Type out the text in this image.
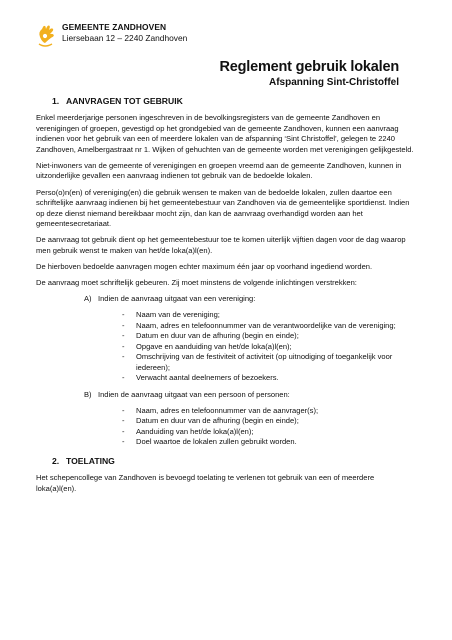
GEMEENTE ZANDHOVEN
Liersebaan 12 – 2240 Zandhoven
Reglement gebruik lokalen
Afspanning Sint-Christoffel
1. AANVRAGEN TOT GEBRUIK

Enkel meerderjarige personen ingeschreven in de bevolkingsregisters van de gemeente Zandhoven en verenigingen of groepen, gevestigd op het grondgebied van de gemeente Zandhoven, kunnen een aanvraag indienen voor het gebruik van een of meerdere lokalen van de afspanning ‘Sint Christoffel’, gelegen te 2240 Zandhoven, Amelbergastraat nr 1. Wijken of gehuchten van de gemeente worden met verenigingen gelijkgesteld.

Niet-inwoners van de gemeente of verenigingen en groepen vreemd aan de gemeente Zandhoven, kunnen in uitzonderlijke gevallen een aanvraag indienen tot gebruik van de bedoelde lokalen.

Perso(o)n(en) of vereniging(en) die gebruik wensen te maken van de bedoelde lokalen, zullen daartoe een schriftelijke aanvraag indienen bij het gemeentebestuur van Zandhoven via de gemeentelijke sportdienst. Indien op deze dienst niemand bereikbaar mocht zijn, dan kan de aanvraag overhandigd worden aan het gemeentesecretariaat.

De aanvraag tot gebruik dient op het gemeentebestuur toe te komen uiterlijk vijftien dagen voor de dag waarop men gebruik wenst te maken van het/de loka(a)l(en).

De hierboven bedoelde aanvragen mogen echter maximum één jaar op voorhand ingediend worden.

De aanvraag moet schriftelijk gebeuren. Zij moet minstens de volgende inlichtingen verstrekken:

A) Indien de aanvraag uitgaat van een vereniging:
-	Naam van de vereniging;
-	Naam, adres en telefoonnummer van de verantwoordelijke van de vereniging;
-	Datum en duur van de afhuring (begin en einde);
-	Opgave en aanduiding van het/de loka(a)l(en);
-	Omschrijving van de festiviteit of activiteit (op uitnodiging of toegankelijk voor iedereen);
-	Verwacht aantal deelnemers of bezoekers.
B) Indien de aanvraag uitgaat van een persoon of personen:
-	Naam, adres en telefoonnummer van de aanvrager(s);
-	Datum en duur van de afhuring (begin en einde);
-	Aanduiding van het/de loka(a)l(en);
-	Doel waartoe de lokalen zullen gebruikt worden.
2. TOELATING

Het schepencollege van Zandhoven is bevoegd toelating te verlenen tot gebruik van een of meerdere loka(a)l(en).
